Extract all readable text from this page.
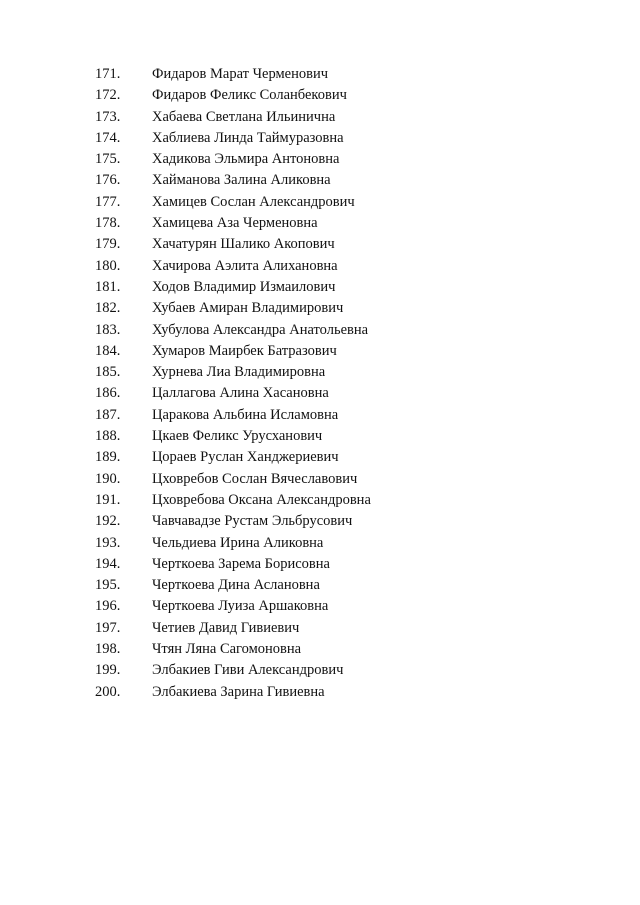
171.	Фидаров Марат Черменович
172.	Фидаров Феликс Соланбекович
173.	Хабаева Светлана Ильинична
174.	Хаблиева Линда Таймуразовна
175.	Хадикова Эльмира Антоновна
176.	Хайманова Залина Аликовна
177.	Хамицев Сослан Александрович
178.	Хамицева Аза Черменовна
179.	Хачатурян Шалико Акопович
180.	Хачирова Аэлита Алихановна
181.	Ходов Владимир Измаилович
182.	Хубаев Амиран Владимирович
183.	Хубулова Александра Анатольевна
184.	Хумаров Маирбек Батразович
185.	Хурнева Лиа Владимировна
186.	Цаллагова Алина Хасановна
187.	Царакова Альбина Исламовна
188.	Цкаев Феликс Урусханович
189.	Цораев Руслан Ханджериевич
190.	Цховребов Сослан Вячеславович
191.	Цховребова Оксана Александровна
192.	Чавчавадзе Рустам Эльбрусович
193.	Чельдиева Ирина Аликовна
194.	Черткоева Зарема Борисовна
195.	Черткоева Дина Аслановна
196.	Черткоева Луиза Аршаковна
197.	Четиев Давид Гивиевич
198.	Чтян Ляна Сагомоновна
199.	Элбакиев Гиви Александрович
200.	Элбакиева Зарина Гивиевна
